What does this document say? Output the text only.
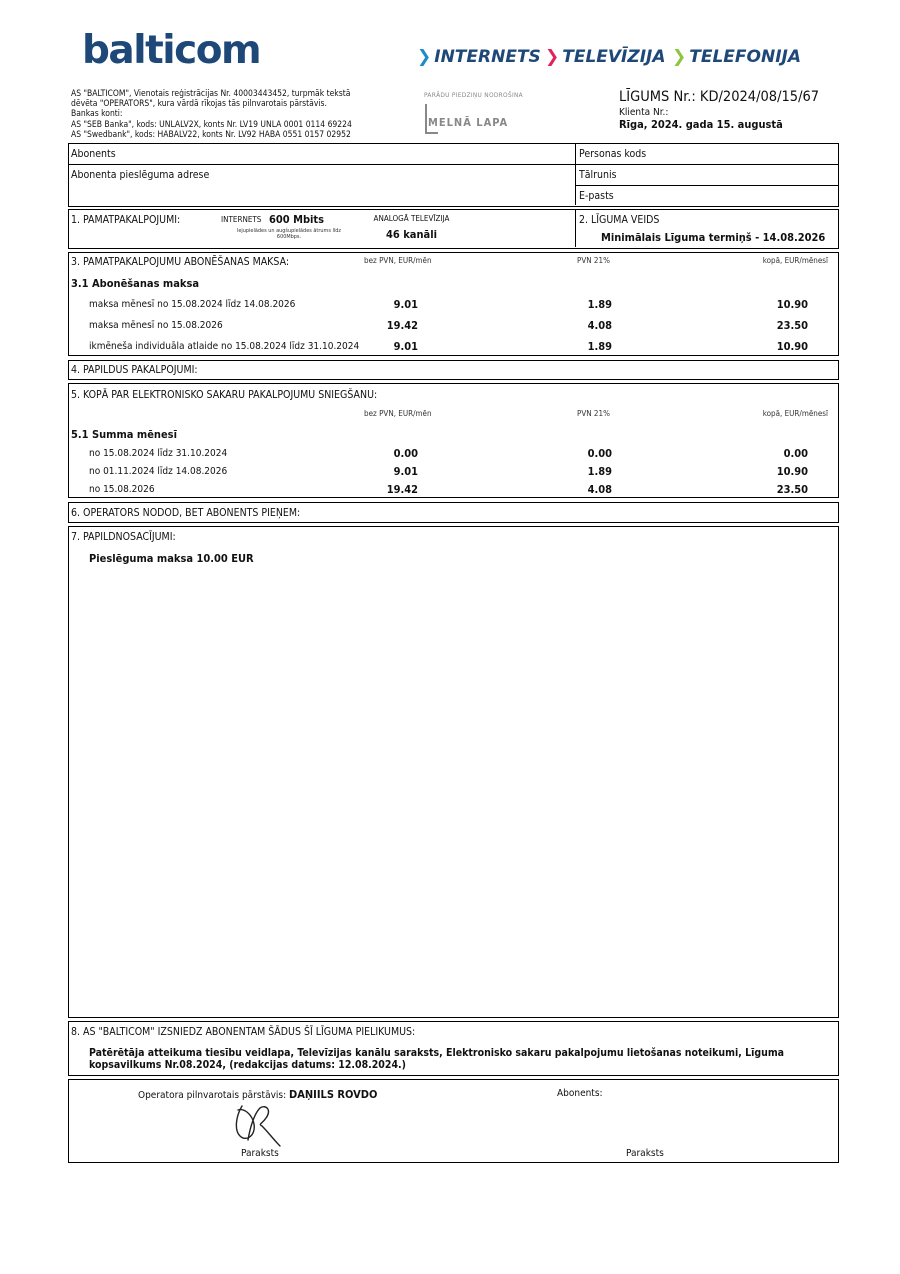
balticom	❯ INTERNETS ❯ TELEVĪZIJA ❯ TELEFONIJA
AS "BALTICOM", Vienotais reģistrācijas Nr. 40003443452, turpmāk tekstā
dēvēta "OPERATORS", kura vārdā rīkojas tās pilnvarotais pārstāvis.
Bankas konti:
AS "SEB Banka", kods: UNLALV2X, konts Nr. LV19 UNLA 0001 0114 69224
AS "Swedbank", kods: HABALV22, konts Nr. LV92 HABA 0551 0157 02952
PARĀDU PIEDZIŅU NODROŠINA
MELNĀ LAPA
LĪGUMS Nr.: KD/2024/08/15/67
Klienta Nr.:
Rīga, 2024. gada 15. augustā
Abonents
Abonenta pieslēguma adrese
Personas kods
Tālrunis
E-pasts
1. PAMATPAKALPOJUMI:	INTERNETS 600 Mbits
lejupielādes un augšupielādes ātrums līdz
600Mbps.
ANALOGĀ TELEVĪZIJA
46 kanāli
2. LĪGUMA VEIDS
Minimālais Līguma termiņš - 14.08.2026
3. PAMATPAKALPOJUMU ABONĒŠANAS MAKSA:	bez PVN, EUR/mēn	PVN 21%	kopā, EUR/mēnesī
3.1 Abonēšanas maksa
maksa mēnesī no 15.08.2024 līdz 14.08.2026	9.01	1.89	10.90
maksa mēnesī no 15.08.2026	19.42	4.08	23.50
ikmēneša individuāla atlaide no 15.08.2024 līdz 31.10.2024	9.01	1.89	10.90
4. PAPILDUS PAKALPOJUMI:
5. KOPĀ PAR ELEKTRONISKO SAKARU PAKALPOJUMU SNIEGŠANU:
bez PVN, EUR/mēn	PVN 21%	kopā, EUR/mēnesī
5.1 Summa mēnesī
no 15.08.2024 līdz 31.10.2024	0.00	0.00	0.00
no 01.11.2024 līdz 14.08.2026	9.01	1.89	10.90
no 15.08.2026	19.42	4.08	23.50
6. OPERATORS NODOD, BET ABONENTS PIEŅEM:
7. PAPILDNOSACĪJUMI:
Pieslēguma maksa 10.00 EUR
8. AS "BALTICOM" IZSNIEDZ ABONENTAM ŠĀDUS ŠĪ LĪGUMA PIELIKUMUS:
Patērētāja atteikuma tiesību veidlapa, Televīzijas kanālu saraksts, Elektronisko sakaru pakalpojumu lietošanas noteikumi, Līguma kopsavilkums Nr.08.2024, (redakcijas datums: 12.08.2024.)
Operatora pilnvarotais pārstāvis: DAŅIILS ROVDO	Abonents:
Paraksts	Paraksts
